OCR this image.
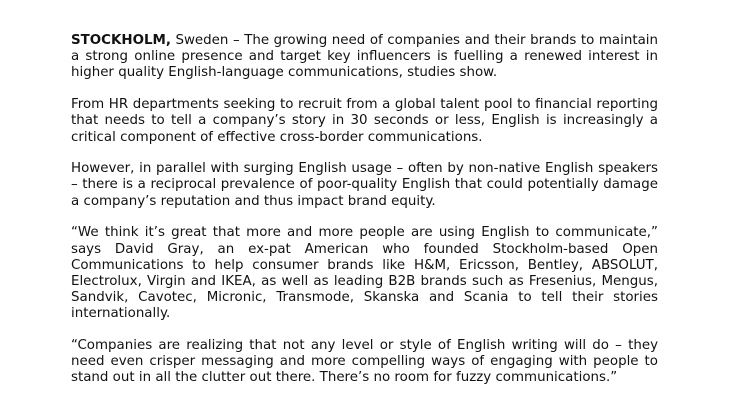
STOCKHOLM, Sweden – The growing need of companies and their brands to maintain a strong online presence and target key influencers is fuelling a renewed interest in higher quality English-language communications, studies show.

From HR departments seeking to recruit from a global talent pool to financial reporting that needs to tell a company’s story in 30 seconds or less, English is increasingly a critical component of effective cross-border communications.

However, in parallel with surging English usage – often by non-native English speakers – there is a reciprocal prevalence of poor-quality English that could potentially damage a company’s reputation and thus impact brand equity.

“We think it’s great that more and more people are using English to communicate,” says David Gray, an ex-pat American who founded Stockholm-based Open Communications to help consumer brands like H&M, Ericsson, Bentley, ABSOLUT, Electrolux, Virgin and IKEA, as well as leading B2B brands such as Fresenius, Mengus, Sandvik, Cavotec, Micronic, Transmode, Skanska and Scania to tell their stories internationally.

“Companies are realizing that not any level or style of English writing will do – they need even crisper messaging and more compelling ways of engaging with people to stand out in all the clutter out there. There’s no room for fuzzy communications.”
